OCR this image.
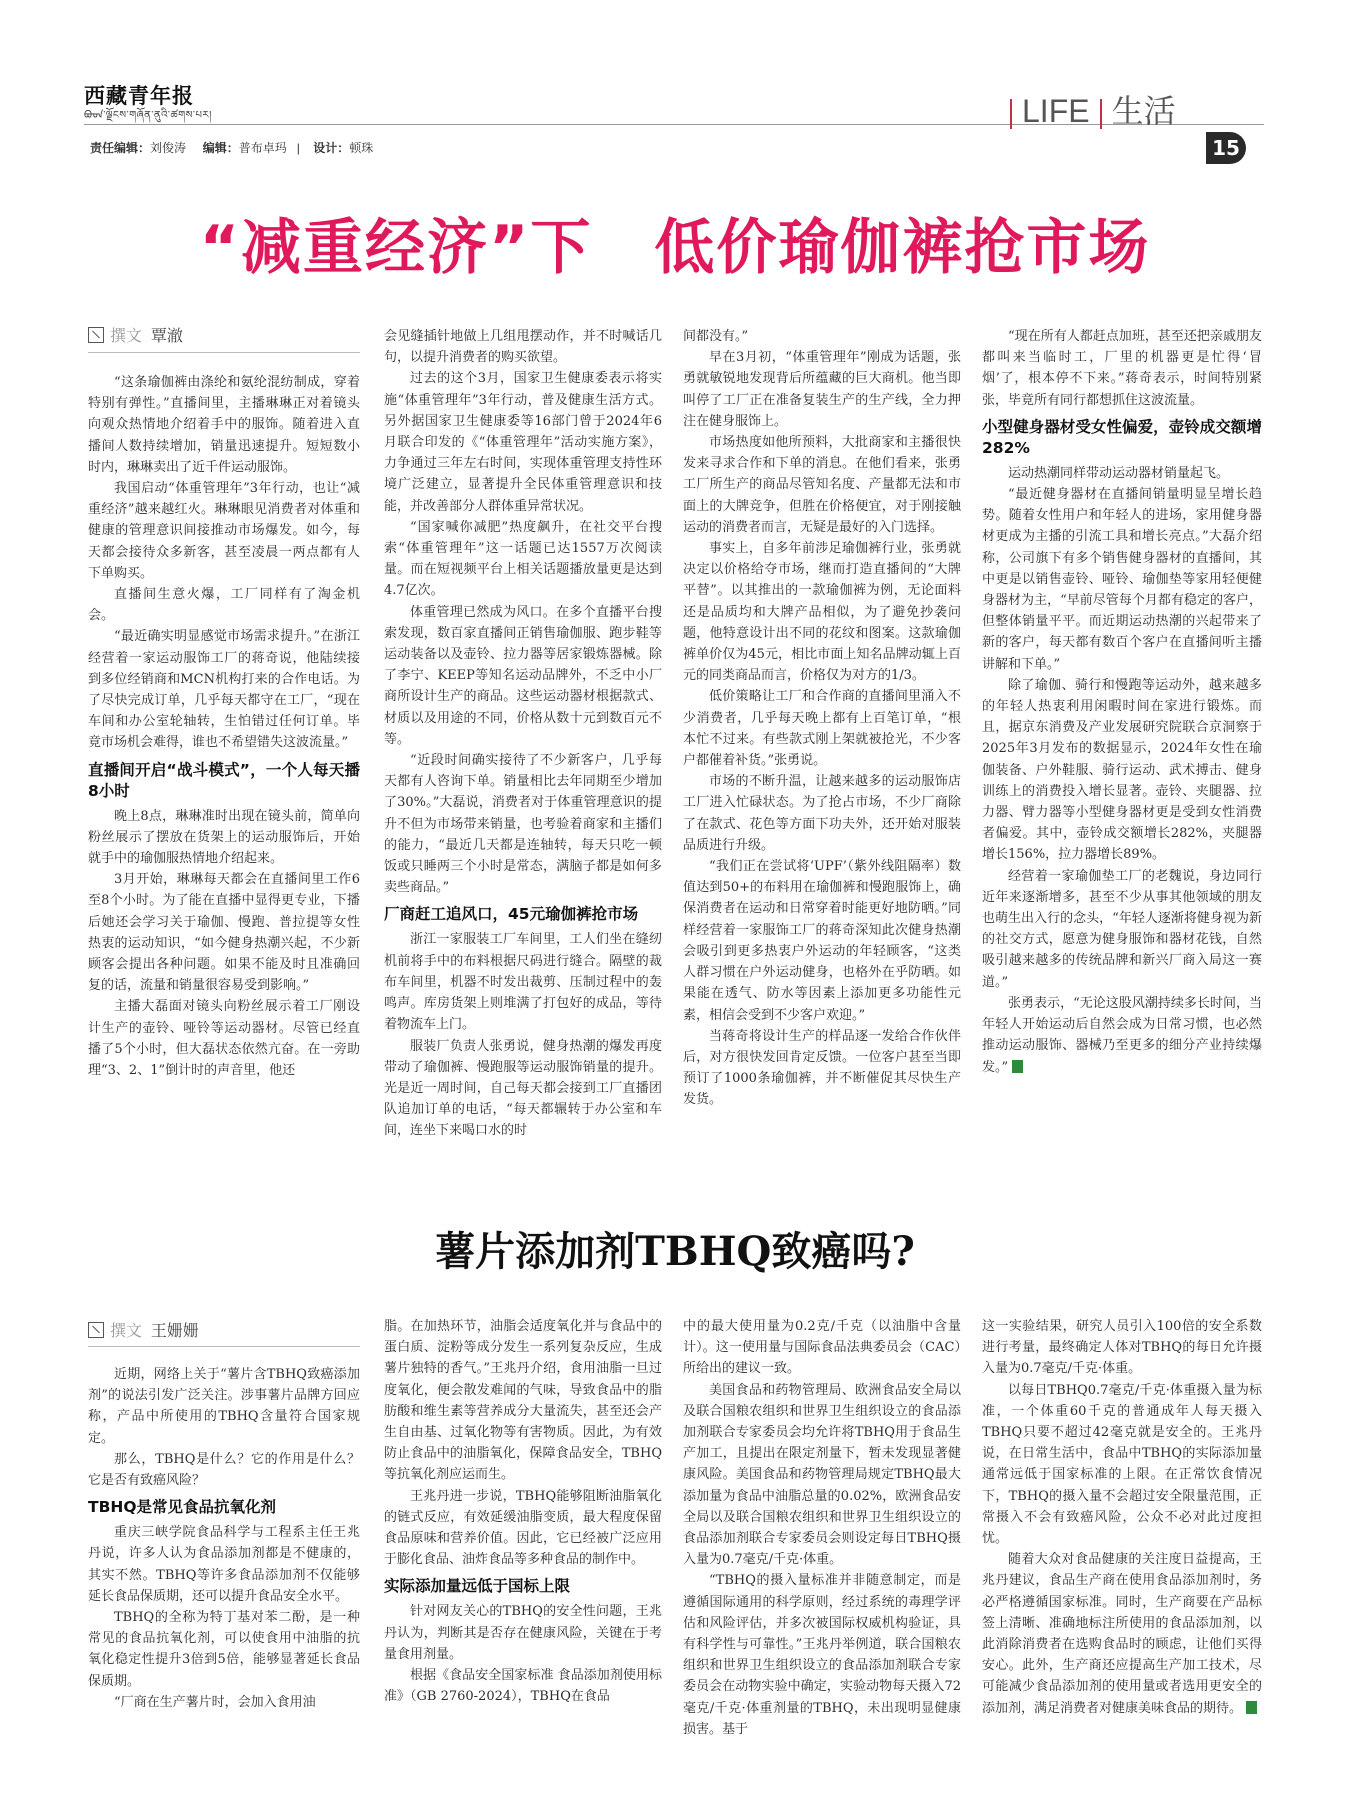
西藏青年报
ᠪᠣᠳ་ལྗོངས་གཞོན་ནུའི་ཚགས་པར།
责任编辑：刘俊涛 编辑：普布卓玛   |    设计：顿珠
LIFE 生活
15
“减重经济”下　低价瑜伽裤抢市场
撰文 覃澈

“这条瑜伽裤由涤纶和氨纶混纺制成，穿着特别有弹性。”直播间里，主播琳琳正对着镜头向观众热情地介绍着手中的服饰。随着进入直播间人数持续增加，销量迅速提升。短短数小时内，琳琳卖出了近千件运动服饰。

我国启动“体重管理年”3年行动，也让“减重经济”越来越红火。琳琳眼见消费者对体重和健康的管理意识间接推动市场爆发。如今，每天都会接待众多新客，甚至凌晨一两点都有人下单购买。

直播间生意火爆，工厂同样有了淘金机会。

“最近确实明显感觉市场需求提升。”在浙江经营着一家运动服饰工厂的蒋奇说，他陆续接到多位经销商和MCN机构打来的合作电话。为了尽快完成订单，几乎每天都守在工厂，“现在车间和办公室轮轴转，生怕错过任何订单。毕竟市场机会难得，谁也不希望错失这波流量。”

直播间开启“战斗模式”，一个人每天播8小时

晚上8点，琳琳准时出现在镜头前，简单向粉丝展示了摆放在货架上的运动服饰后，开始就手中的瑜伽服热情地介绍起来。

3月开始，琳琳每天都会在直播间里工作6至8个小时。为了能在直播中显得更专业，下播后她还会学习关于瑜伽、慢跑、普拉提等女性热衷的运动知识，“如今健身热潮兴起，不少新顾客会提出各种问题。如果不能及时且准确回复的话，流量和销量很容易受到影响。”

主播大磊面对镜头向粉丝展示着工厂刚设计生产的壶铃、哑铃等运动器材。尽管已经直播了5个小时，但大磊状态依然亢奋。在一旁助理“3、2、1”倒计时的声音里，他还

会见缝插针地做上几组甩摆动作，并不时喊话几句，以提升消费者的购买欲望。

过去的这个3月，国家卫生健康委表示将实施“体重管理年”3年行动，普及健康生活方式。另外据国家卫生健康委等16部门曾于2024年6月联合印发的《“体重管理年”活动实施方案》，力争通过三年左右时间，实现体重管理支持性环境广泛建立，显著提升全民体重管理意识和技能，并改善部分人群体重异常状况。

“国家喊你减肥”热度飙升，在社交平台搜索“体重管理年”这一话题已达1557万次阅读量。而在短视频平台上相关话题播放量更是达到4.7亿次。

体重管理已然成为风口。在多个直播平台搜索发现，数百家直播间正销售瑜伽服、跑步鞋等运动装备以及壶铃、拉力器等居家锻炼器械。除了李宁、KEEP等知名运动品牌外，不乏中小厂商所设计生产的商品。这些运动器材根据款式、材质以及用途的不同，价格从数十元到数百元不等。

“近段时间确实接待了不少新客户，几乎每天都有人咨询下单。销量相比去年同期至少增加了30%。”大磊说，消费者对于体重管理意识的提升不但为市场带来销量，也考验着商家和主播们的能力，“最近几天都是连轴转，每天只吃一顿饭或只睡两三个小时是常态，满脑子都是如何多卖些商品。”

厂商赶工追风口，45元瑜伽裤抢市场

浙江一家服装工厂车间里，工人们坐在缝纫机前将手中的布料根据尺码进行缝合。隔壁的裁布车间里，机器不时发出裁剪、压制过程中的轰鸣声。库房货架上则堆满了打包好的成品，等待着物流车上门。

服装厂负责人张勇说，健身热潮的爆发再度带动了瑜伽裤、慢跑服等运动服饰销量的提升。光是近一周时间，自己每天都会接到工厂直播团队追加订单的电话，“每天都辗转于办公室和车间，连坐下来喝口水的时

间都没有。”

早在3月初，“体重管理年”刚成为话题，张勇就敏锐地发现背后所蕴藏的巨大商机。他当即叫停了工厂正在准备复装生产的生产线，全力押注在健身服饰上。

市场热度如他所预料，大批商家和主播很快发来寻求合作和下单的消息。在他们看来，张勇工厂所生产的商品尽管知名度、产量都无法和市面上的大牌竞争，但胜在价格便宜，对于刚接触运动的消费者而言，无疑是最好的入门选择。

事实上，自多年前涉足瑜伽裤行业，张勇就决定以价格给夺市场，继而打造直播间的“大牌平替”。以其推出的一款瑜伽裤为例，无论面料还是品质均和大牌产品相似，为了避免抄袭问题，他特意设计出不同的花纹和图案。这款瑜伽裤单价仅为45元，相比市面上知名品牌动辄上百元的同类商品而言，价格仅为对方的1/3。

低价策略让工厂和合作商的直播间里涌入不少消费者，几乎每天晚上都有上百笔订单，“根本忙不过来。有些款式刚上架就被抢光，不少客户都催着补货。”张勇说。

市场的不断升温，让越来越多的运动服饰店工厂进入忙碌状态。为了抢占市场，不少厂商除了在款式、花色等方面下功夫外，还开始对服装品质进行升级。

“我们正在尝试将‘UPF’（紫外线阻隔率）数值达到50+的布料用在瑜伽裤和慢跑服饰上，确保消费者在运动和日常穿着时能更好地防晒。”同样经营着一家服饰工厂的蒋奇深知此次健身热潮会吸引到更多热衷户外运动的年轻顾客，“这类人群习惯在户外运动健身，也格外在乎防晒。如果能在透气、防水等因素上添加更多功能性元素，相信会受到不少客户欢迎。”

当蒋奇将设计生产的样品逐一发给合作伙伴后，对方很快发回肯定反馈。一位客户甚至当即预订了1000条瑜伽裤，并不断催促其尽快生产发货。

“现在所有人都赶点加班，甚至还把亲戚朋友都叫来当临时工，厂里的机器更是忙得‘冒烟’了，根本停不下来。”蒋奇表示，时间特别紧张，毕竟所有同行都想抓住这波流量。

小型健身器材受女性偏爱，壶铃成交额增282%

运动热潮同样带动运动器材销量起飞。

“最近健身器材在直播间销量明显呈增长趋势。随着女性用户和年轻人的进场，家用健身器材更成为主播的引流工具和增长亮点。”大磊介绍称，公司旗下有多个销售健身器材的直播间，其中更是以销售壶铃、哑铃、瑜伽垫等家用轻便健身器材为主，“早前尽管每个月都有稳定的客户，但整体销量平平。而近期运动热潮的兴起带来了新的客户，每天都有数百个客户在直播间听主播讲解和下单。”

除了瑜伽、骑行和慢跑等运动外，越来越多的年轻人热衷利用闲暇时间在家进行锻炼。而且，据京东消费及产业发展研究院联合京洞察于2025年3月发布的数据显示，2024年女性在瑜伽装备、户外鞋服、骑行运动、武术搏击、健身训练上的消费投入增长显著。壶铃、夹腿器、拉力器、臂力器等小型健身器材更是受到女性消费者偏爱。其中，壶铃成交额增长282%，夹腿器增长156%，拉力器增长89%。

经营着一家瑜伽垫工厂的老魏说，身边同行近年来逐渐增多，甚至不少从事其他领域的朋友也萌生出入行的念头，“年轻人逐渐将健身视为新的社交方式，愿意为健身服饰和器材花钱，自然吸引越来越多的传统品牌和新兴厂商入局这一赛道。”

张勇表示，“无论这股风潮持续多长时间，当年轻人开始运动后自然会成为日常习惯，也必然推动运动服饰、器械乃至更多的细分产业持续爆发。”

薯片添加剂TBHQ致癌吗?
撰文 王姗姗

近期，网络上关于“薯片含TBHQ致癌添加剂”的说法引发广泛关注。涉事薯片品牌方回应称，产品中所使用的TBHQ含量符合国家规定。

那么，TBHQ是什么？它的作用是什么？它是否有致癌风险？

TBHQ是常见食品抗氧化剂

重庆三峡学院食品科学与工程系主任王兆丹说，许多人认为食品添加剂都是不健康的，其实不然。TBHQ等许多食品添加剂不仅能够延长食品保质期，还可以提升食品安全水平。

TBHQ的全称为特丁基对苯二酚，是一种常见的食品抗氧化剂，可以使食用中油脂的抗氧化稳定性提升3倍到5倍，能够显著延长食品保质期。

“厂商在生产薯片时，会加入食用油

脂。在加热环节，油脂会适度氧化并与食品中的蛋白质、淀粉等成分发生一系列复杂反应，生成薯片独特的香气。”王兆丹介绍，食用油脂一旦过度氧化，便会散发难闻的气味，导致食品中的脂肪酸和维生素等营养成分大量流失，甚至还会产生自由基、过氧化物等有害物质。因此，为有效防止食品中的油脂氧化，保障食品安全，TBHQ等抗氧化剂应运而生。

王兆丹进一步说，TBHQ能够阻断油脂氧化的链式反应，有效延缓油脂变质，最大程度保留食品原味和营养价值。因此，它已经被广泛应用于膨化食品、油炸食品等多种食品的制作中。

实际添加量远低于国标上限

针对网友关心的TBHQ的安全性问题，王兆丹认为，判断其是否存在健康风险，关键在于考量食用剂量。

根据《食品安全国家标准 食品添加剂使用标准》（GB 2760-2024），TBHQ在食品

中的最大使用量为0.2克/千克（以油脂中含量计）。这一使用量与国际食品法典委员会（CAC）所给出的建议一致。

美国食品和药物管理局、欧洲食品安全局以及联合国粮农组织和世界卫生组织设立的食品添加剂联合专家委员会均允许将TBHQ用于食品生产加工，且提出在限定剂量下，暂未发现显著健康风险。美国食品和药物管理局规定TBHQ最大添加量为食品中油脂总量的0.02%，欧洲食品安全局以及联合国粮农组织和世界卫生组织设立的食品添加剂联合专家委员会则设定每日TBHQ摄入量为0.7毫克/千克·体重。

“TBHQ的摄入量标准并非随意制定，而是遵循国际通用的科学原则，经过系统的毒理学评估和风险评估，并多次被国际权威机构验证，具有科学性与可靠性。”王兆丹举例道，联合国粮农组织和世界卫生组织设立的食品添加剂联合专家委员会在动物实验中确定，实验动物每天摄入72毫克/千克·体重剂量的TBHQ，未出现明显健康损害。基于

这一实验结果，研究人员引入100倍的安全系数进行考量，最终确定人体对TBHQ的每日允许摄入量为0.7毫克/千克·体重。

以每日TBHQ0.7毫克/千克·体重摄入量为标准，一个体重60千克的普通成年人每天摄入TBHQ只要不超过42毫克就是安全的。王兆丹说，在日常生活中，食品中TBHQ的实际添加量通常远低于国家标准的上限。在正常饮食情况下，TBHQ的摄入量不会超过安全限量范围，正常摄入不会有致癌风险，公众不必对此过度担忧。

随着大众对食品健康的关注度日益提高，王兆丹建议，食品生产商在使用食品添加剂时，务必严格遵循国家标准。同时，生产商要在产品标签上清晰、准确地标注所使用的食品添加剂，以此消除消费者在选购食品时的顾虑，让他们买得安心。此外，生产商还应提高生产加工技术，尽可能减少食品添加剂的使用量或者选用更安全的添加剂，满足消费者对健康美味食品的期待。
